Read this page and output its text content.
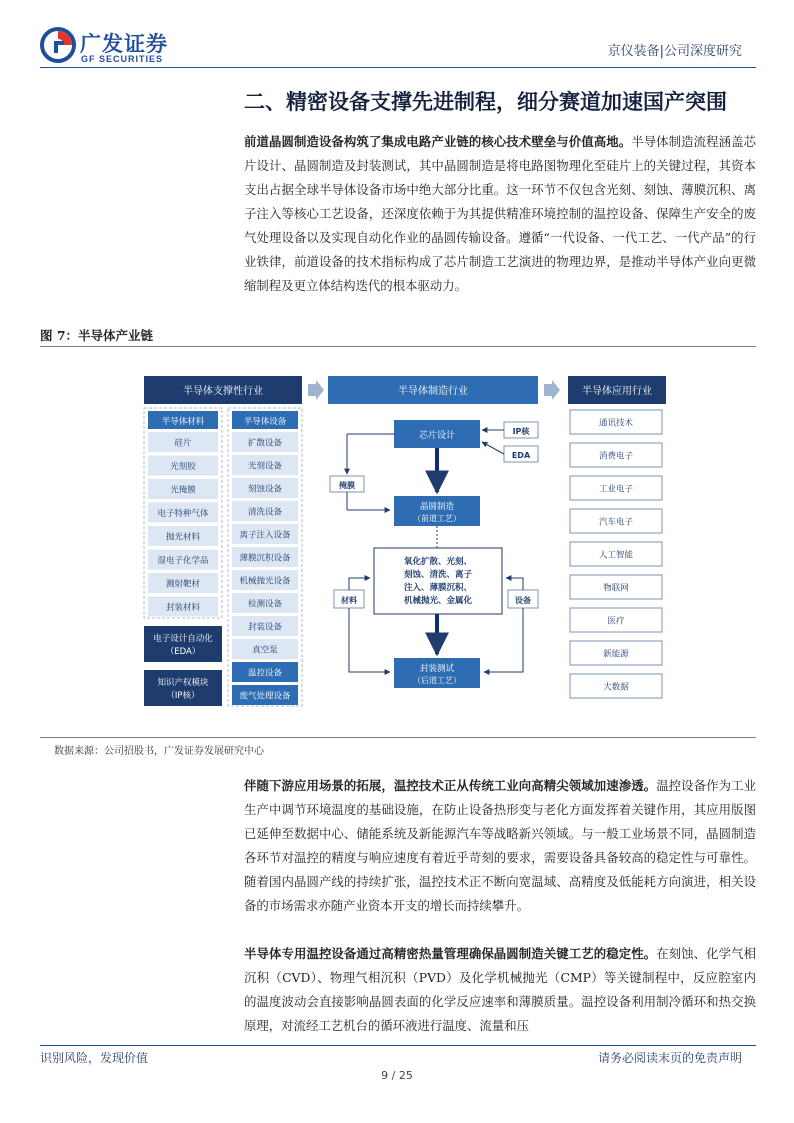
广发证券
GF SECURITIES	京仪装备|公司深度研究
二、精密设备支撑先进制程，细分赛道加速国产突围
前道晶圆制造设备构筑了集成电路产业链的核心技术壁垒与价值高地。半导体制造流程涵盖芯片设计、晶圆制造及封装测试，其中晶圆制造是将电路图物理化至硅片上的关键过程，其资本支出占据全球半导体设备市场中绝大部分比重。这一环节不仅包含光刻、刻蚀、薄膜沉积、离子注入等核心工艺设备，还深度依赖于为其提供精准环境控制的温控设备、保障生产安全的废气处理设备以及实现自动化作业的晶圆传输设备。遵循“一代设备、一代工艺、一代产品”的行业铁律，前道设备的技术指标构成了芯片制造工艺演进的物理边界，是推动半导体产业向更微缩制程及更立体结构迭代的根本驱动力。
图 7：半导体产业链
半导体支撑性行业	半导体制造行业	半导体应用行业
半导体材料
硅片
光刻胶
光掩膜
电子特种气体
抛光材料
湿电子化学品
溅射靶材
封装材料
半导体设备
扩散设备
光刻设备
刻蚀设备
清洗设备
离子注入设备
薄膜沉积设备
机械抛光设备
检测设备
封装设备
真空泵
温控设备
废气处理设备
电子设计自动化
（EDA）
知识产权模块
（IP核）
芯片设计	IP核
EDA
掩膜
晶圆制造
（前道工艺）
氧化扩散、光刻、
刻蚀、清洗、离子
注入、薄膜沉积、
机械抛光、金属化
材料	设备
封装测试
（后道工艺）
通讯技术
消费电子
工业电子
汽车电子
人工智能
物联网
医疗
新能源
大数据
数据来源：公司招股书，广发证券发展研究中心
伴随下游应用场景的拓展，温控技术正从传统工业向高精尖领域加速渗透。温控设备作为工业生产中调节环境温度的基础设施，在防止设备热形变与老化方面发挥着关键作用，其应用版图已延伸至数据中心、储能系统及新能源汽车等战略新兴领域。与一般工业场景不同，晶圆制造各环节对温控的精度与响应速度有着近乎苛刻的要求，需要设备具备较高的稳定性与可靠性。随着国内晶圆产线的持续扩张，温控技术正不断向宽温域、高精度及低能耗方向演进，相关设备的市场需求亦随产业资本开支的增长而持续攀升。
半导体专用温控设备通过高精密热量管理确保晶圆制造关键工艺的稳定性。在刻蚀、化学气相沉积（CVD）、物理气相沉积（PVD）及化学机械抛光（CMP）等关键制程中，反应腔室内的温度波动会直接影响晶圆表面的化学反应速率和薄膜质量。温控设备利用制冷循环和热交换原理，对流经工艺机台的循环液进行温度、流量和压
识别风险，发现价值	请务必阅读末页的免责声明
9 / 25
